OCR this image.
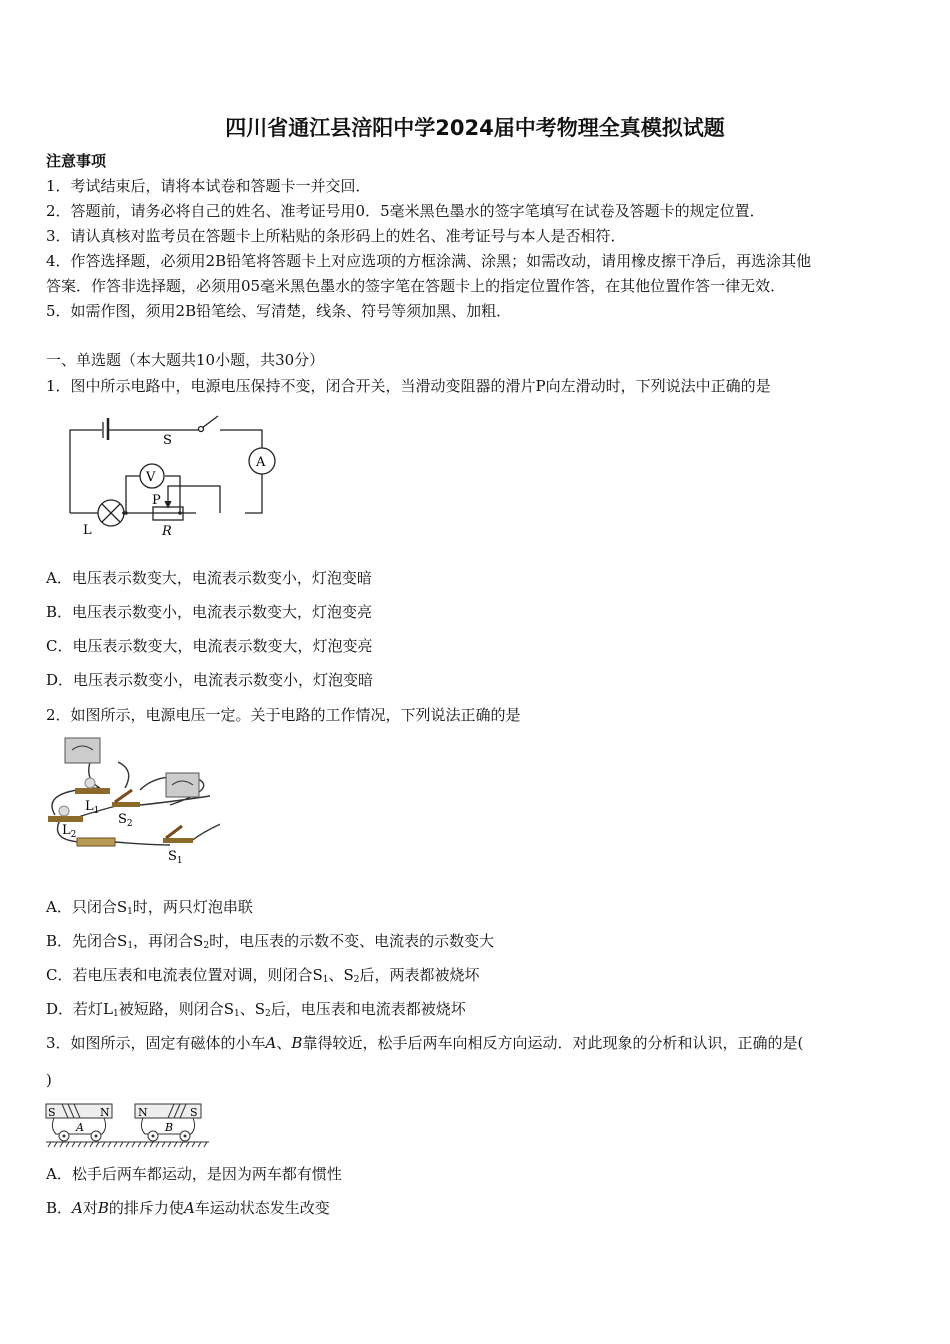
四川省通江县涪阳中学2024届中考物理全真模拟试题
注意事项
1．考试结束后，请将本试卷和答题卡一并交回．
2．答题前，请务必将自己的姓名、准考证号用0．5毫米黑色墨水的签字笔填写在试卷及答题卡的规定位置．
3．请认真核对监考员在答题卡上所粘贴的条形码上的姓名、准考证号与本人是否相符．
4．作答选择题，必须用2B铅笔将答题卡上对应选项的方框涂满、涂黑；如需改动，请用橡皮擦干净后，再选涂其他
答案．作答非选择题，必须用05毫米黑色墨水的签字笔在答题卡上的指定位置作答，在其他位置作答一律无效．
5．如需作图，须用2B铅笔绘、写清楚，线条、符号等须加黑、加粗．
一、单选题（本大题共10小题，共30分）
1．图中所示电路中，电源电压保持不变，闭合开关，当滑动变阻器的滑片P向左滑动时，下列说法中正确的是
S
A
V
L
P
R
A．电压表示数变大，电流表示数变小，灯泡变暗
B．电压表示数变小，电流表示数变大，灯泡变亮
C．电压表示数变大，电流表示数变大，灯泡变亮
D．电压表示数变小，电流表示数变小，灯泡变暗
2．如图所示，电源电压一定。关于电路的工作情况，下列说法正确的是
$L_1$
$L_2$
$S_2$
$S_1$
A．只闭合$S_1$时，两只灯泡串联
B．先闭合$S_1$，再闭合$S_2$时，电压表的示数不变、电流表的示数变大
C．若电压表和电流表位置对调，则闭合$S_1$、$S_2$后，两表都被烧坏
D．若灯$L_1$被短路，则闭合$S_1$、$S_2$后，电压表和电流表都被烧坏
3．如图所示，固定有磁体的小车A、B靠得较近，松手后两车向相反方向运动．对此现象的分析和认识，正确的是(
)
S	N	N	S
A	B
A．松手后两车都运动，是因为两车都有惯性
B．A对B的排斥力使A车运动状态发生改变
